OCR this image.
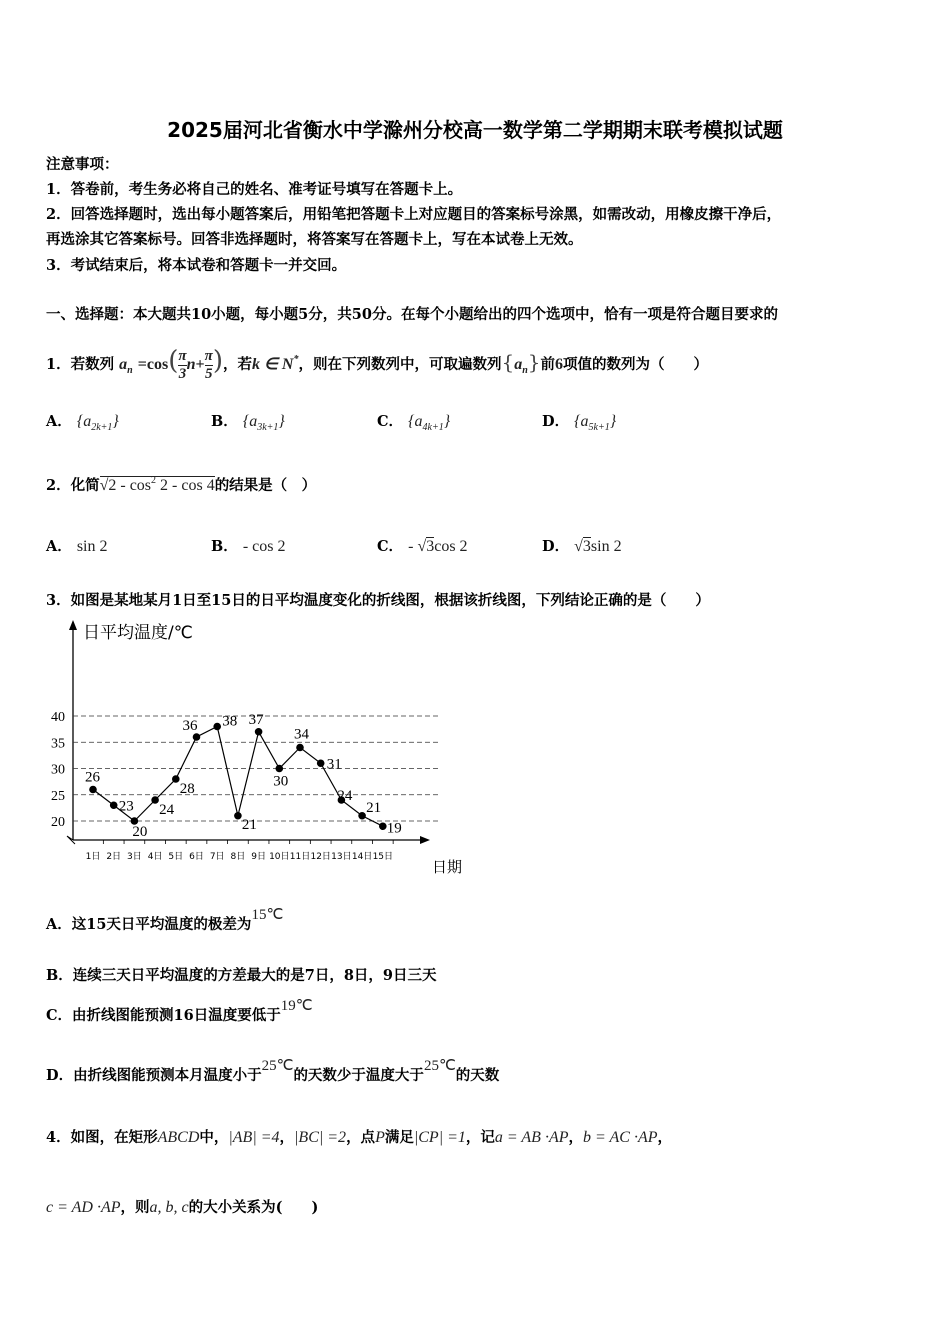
2025届河北省衡水中学滁州分校高一数学第二学期期末联考模拟试题
注意事项：
1．答卷前，考生务必将自己的姓名、准考证号填写在答题卡上。
2．回答选择题时，选出每小题答案后，用铅笔把答题卡上对应题目的答案标号涂黑，如需改动，用橡皮擦干净后，
再选涂其它答案标号。回答非选择题时，将答案写在答题卡上，写在本试卷上无效。
3．考试结束后，将本试卷和答题卡一并交回。
一、选择题：本大题共10小题，每小题5分，共50分。在每个小题给出的四个选项中，恰有一项是符合题目要求的
1．若数列 $a_n =\cos( \frac{\pi}{3} n+ \frac{\pi}{5}$ )，若k ∈ N*，则在下列数列中，可取遍数列$\{a_n\}$前6项值的数列为（　　）
A． $\{a_{2k+1}\}$	B． $\{a_{3k+1}\}$	C． $\{a_{4k+1}\}$	D． $\{a_{5k+1}\}$
2．化简$√2 - \cos^2 2$ - cos 4的结果是（　）
A． sin 2	B． - cos 2	C． - √3cos 2	D． √3sin 2
3．如图是某地某月1日至15日的日平均温度变化的折线图，根据该折线图，下列结论正确的是（　　）
日平均温度/℃
日期
20
25
30
35
40
1日 2日 3日 4日 5日 6日 7日 8日 9日 10日 11日 12日 13日 14日 15日
26
23
20
24
28
36 38
21
37
30
34
31
24
21
19
A．这15天日平均温度的极差为15℃
B．连续三天日平均温度的方差最大的是7日，8日，9日三天
C．由折线图能预测16日温度要低于19℃
D．由折线图能预测本月温度小于25℃的天数少于温度大于25℃的天数
4．如图，在矩形ABCD中，|AB| =4，|BC| =2，点P满足|CP| =1，记a = AB ·AP，b = AC ·AP，
c = AD ·AP，则a, b, c的大小关系为(　　)
